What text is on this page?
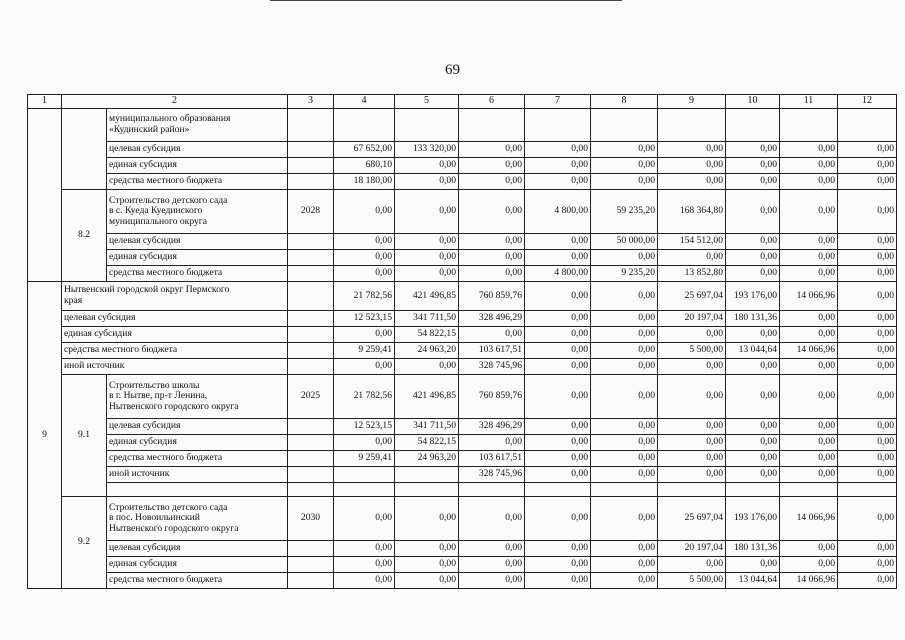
69
1	2		3	4	5	6	7	8	9	10	11	12
		муниципального образования
«Кудинский район»										
		целевая субсидия		67 652,00	133 320,00	0,00	0,00	0,00	0,00	0,00	0,00	0,00
		единая субсидия		680,10	0,00	0,00	0,00	0,00	0,00	0,00	0,00	0,00
		средства местного бюджета		18 180,00	0,00	0,00	0,00	0,00	0,00	0,00	0,00	0,00
	8.2	Строительство детского сада
в с. Куеда Куединского
муниципального округа	2028	0,00	0,00	0,00	4 800,00	59 235,20	168 364,80	0,00	0,00	0,00
		целевая субсидия		0,00	0,00	0,00	0,00	50 000,00	154 512,00	0,00	0,00	0,00
		единая субсидия		0,00	0,00	0,00	0,00	0,00	0,00	0,00	0,00	0,00
		средства местного бюджета		0,00	0,00	0,00	4 800,00	9 235,20	13 852,80	0,00	0,00	0,00
9	Нытвенский городской округ Пермского
края			21 782,56	421 496,85	760 859,76	0,00	0,00	25 697,04	193 176,00	14 066,96	0,00
	целевая субсидия			12 523,15	341 711,50	328 496,29	0,00	0,00	20 197,04	180 131,36	0,00	0,00
	единая субсидия			0,00	54 822,15	0,00	0,00	0,00	0,00	0,00	0,00	0,00
	средства местного бюджета			9 259,41	24 963,20	103 617,51	0,00	0,00	5 500,00	13 044,64	14 066,96	0,00
	иной источник			0,00	0,00	328 745,96	0,00	0,00	0,00	0,00	0,00	0,00
	9.1	Строительство школы
в г. Нытве, пр-т Ленина,
Нытвенского городского округа	2025	21 782,56	421 496,85	760 859,76	0,00	0,00	0,00	0,00	0,00	0,00
		целевая субсидия		12 523,15	341 711,50	328 496,29	0,00	0,00	0,00	0,00	0,00	0,00
		единая субсидия		0,00	54 822,15	0,00	0,00	0,00	0,00	0,00	0,00	0,00
		средства местного бюджета		9 259,41	24 963,20	103 617,51	0,00	0,00	0,00	0,00	0,00	0,00
		иной источник				328 745,96	0,00	0,00	0,00	0,00	0,00	0,00

	9.2	Строительство детского сада
в пос. Новоильинский
Нытвенского городского округа	2030	0,00	0,00	0,00	0,00	0,00	25 697,04	193 176,00	14 066,96	0,00
		целевая субсидия		0,00	0,00	0,00	0,00	0,00	20 197,04	180 131,36	0,00	0,00
		единая субсидия		0,00	0,00	0,00	0,00	0,00	0,00	0,00	0,00	0,00
		средства местного бюджета		0,00	0,00	0,00	0,00	0,00	5 500,00	13 044,64	14 066,96	0,00
